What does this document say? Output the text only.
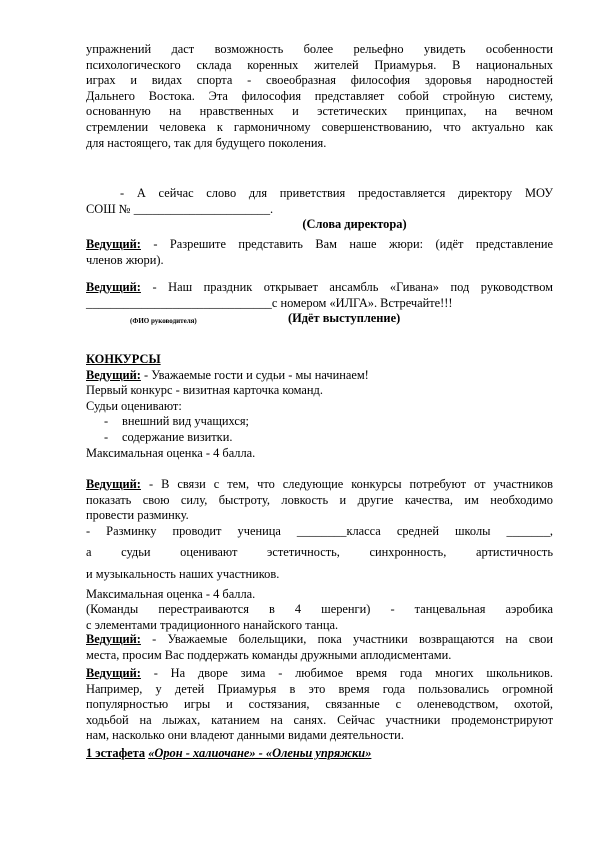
упражнений даст возможность более рельефно увидеть особенности

психологического склада коренных жителей Приамурья. В национальных

играх и видах спорта - своеобразная философия здоровья народностей

Дальнего Востока. Эта философия представляет собой стройную систему,

основанную на нравственных и эстетических принципах, на вечном

стремлении человека к гармоничному совершенствованию, что актуально как

для настоящего, так для будущего поколения.

- А сейчас слово для приветствия предоставляется директору МОУ

СОШ № ______________________.

(Слова директора)

Ведущий: - Разрешите представить Вам наше жюри: (идёт представление

членов жюри).

Ведущий: - Наш праздник открывает ансамбль «Гивана» под руководством

______________________________с номером «ИЛГА». Встречайте!!!

(ФИО руководителя)	(Идёт выступление)

КОНКУРСЫ

Ведущий: - Уважаемые гости и судьи - мы начинаем!

Первый конкурс - визитная карточка команд.

Судьи оценивают:

- внешний вид учащихся;
- содержание визитки.

Максимальная оценка - 4 балла.

Ведущий: - В связи с тем, что следующие конкурсы потребуют от участников

показать свою силу, быстроту, ловкость и другие качества, им необходимо

провести разминку.

- Разминку проводит ученица ________класса средней школы _______,

а судьи оценивают эстетичность, синхронность, артистичность

и музыкальность наших участников.

Максимальная оценка - 4 балла.

(Команды перестраиваются в 4 шеренги) - танцевальная аэробика

с элементами традиционного нанайского танца.

Ведущий: - Уважаемые болельщики, пока участники возвращаются на свои

места, просим Вас поддержать команды дружными аплодисментами.

Ведущий: - На дворе зима - любимое время года многих школьников.

Например, у детей Приамурья в это время года пользовались огромной

популярностью игры и состязания, связанные с оленеводством, охотой,

ходьбой на лыжах, катанием на санях. Сейчас участники продемонстрируют

нам, насколько они владеют данными видами деятельности.

1 эстафета «Орон - халиочане» - «Оленьи упряжки»
